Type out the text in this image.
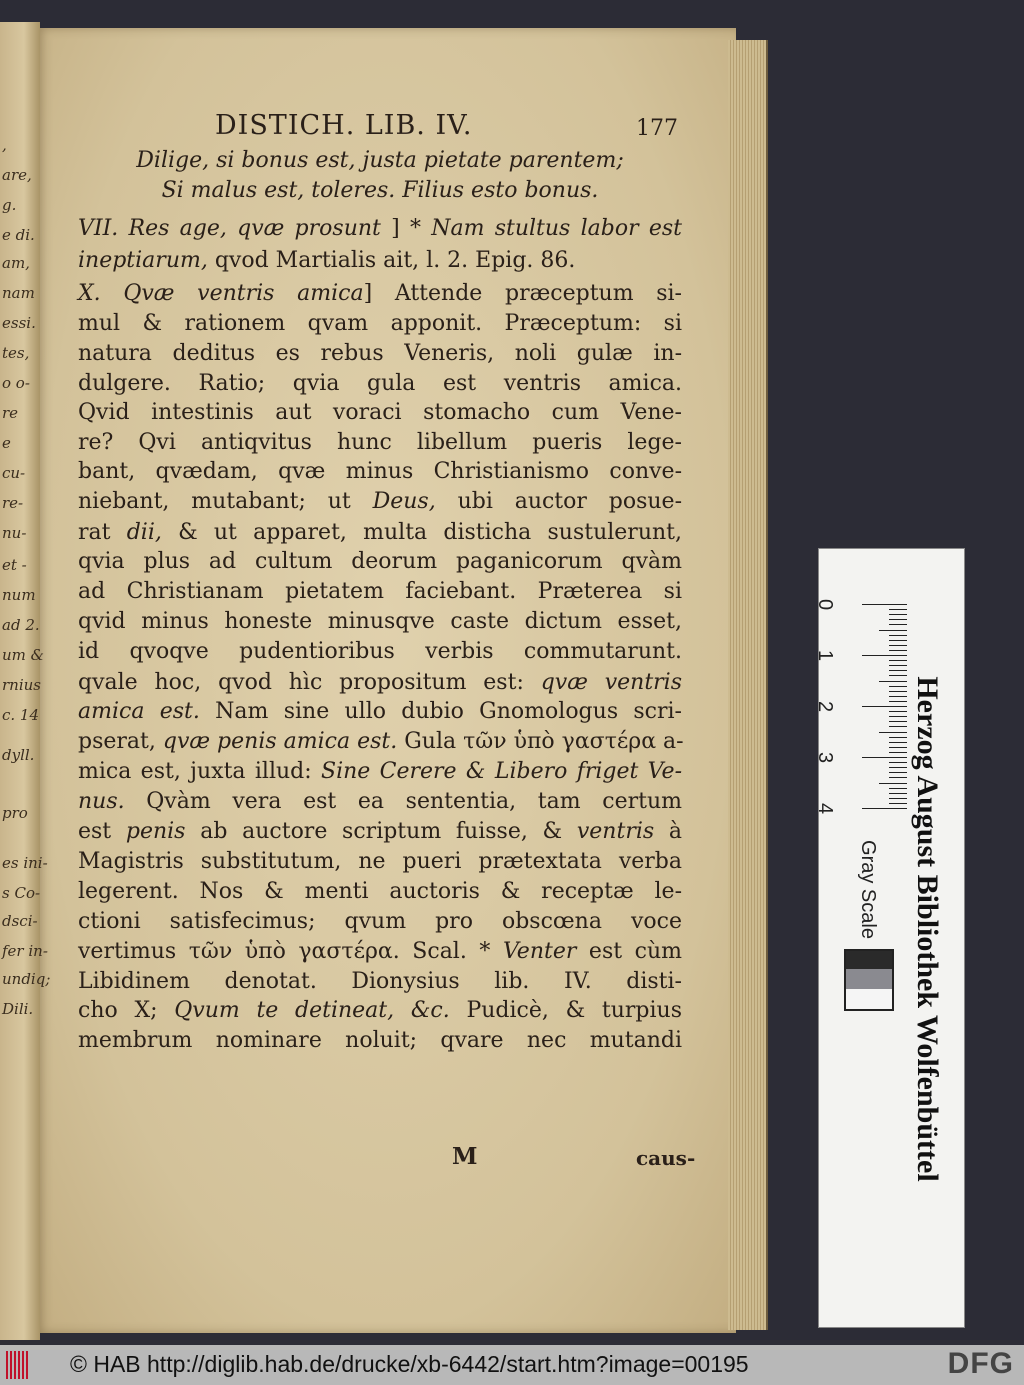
,
are,
g.
e di.
am,
nam
essi.
tes,
o o-
re
e
cu-
re-
nu-
et -
num
ad 2.
um &
rnius
c. 14
dyll.
pro
es ini-
s Co-
dsci-
fer in-
undiq;
Dili.
DISTICH. LIB. IV.	177
Dilige, si bonus est, justa pietate parentem;
Si malus est, toleres. Filius esto bonus.
VII. Res age, qvæ prosunt ] * Nam stultus labor est
ineptiarum, qvod Martialis ait, l. 2. Epig. 86.
X. Qvæ ventris amica] Attende præceptum si-
mul & rationem qvam apponit. Præceptum: si
natura deditus es rebus Veneris, noli gulæ in-
dulgere. Ratio; qvia gula est ventris amica.
Qvid intestinis aut voraci stomacho cum Vene-
re? Qvi antiqvitus hunc libellum pueris lege-
bant, qvædam, qvæ minus Christianismo conve-
niebant, mutabant; ut Deus, ubi auctor posue-
rat dii, & ut apparet, multa disticha sustulerunt,
qvia plus ad cultum deorum paganicorum qvàm
ad Christianam pietatem faciebant. Præterea si
qvid minus honeste minusqve caste dictum esset,
id qvoqve pudentioribus verbis commutarunt.
qvale hoc, qvod hìc propositum est: qvæ ventris
amica est. Nam sine ullo dubio Gnomologus scri-
pserat, qvæ penis amica est. Gula τῶν ὑπὸ γαστέρα a-
mica est, juxta illud: Sine Cerere & Libero friget Ve-
nus. Qvàm vera est ea sententia, tam certum
est penis ab auctore scriptum fuisse, & ventris à
Magistris substitutum, ne pueri prætextata verba
legerent. Nos & menti auctoris & receptæ le-
ctioni satisfecimus; qvum pro obscœna voce
vertimus τῶν ὑπὸ γαστέρα. Scal. * Venter est cùm
Libidinem denotat. Dionysius lib. IV. disti-
cho X; Qvum te detineat, &c. Pudicè, & turpius
membrum nominare noluit; qvare nec mutandi
M	caus-	Herzog August Bibliothek Wolfenbüttel
Gray Scale
0
1
2
3
4
© HAB http://diglib.hab.de/drucke/xb-6442/start.htm?image=00195	DFG
